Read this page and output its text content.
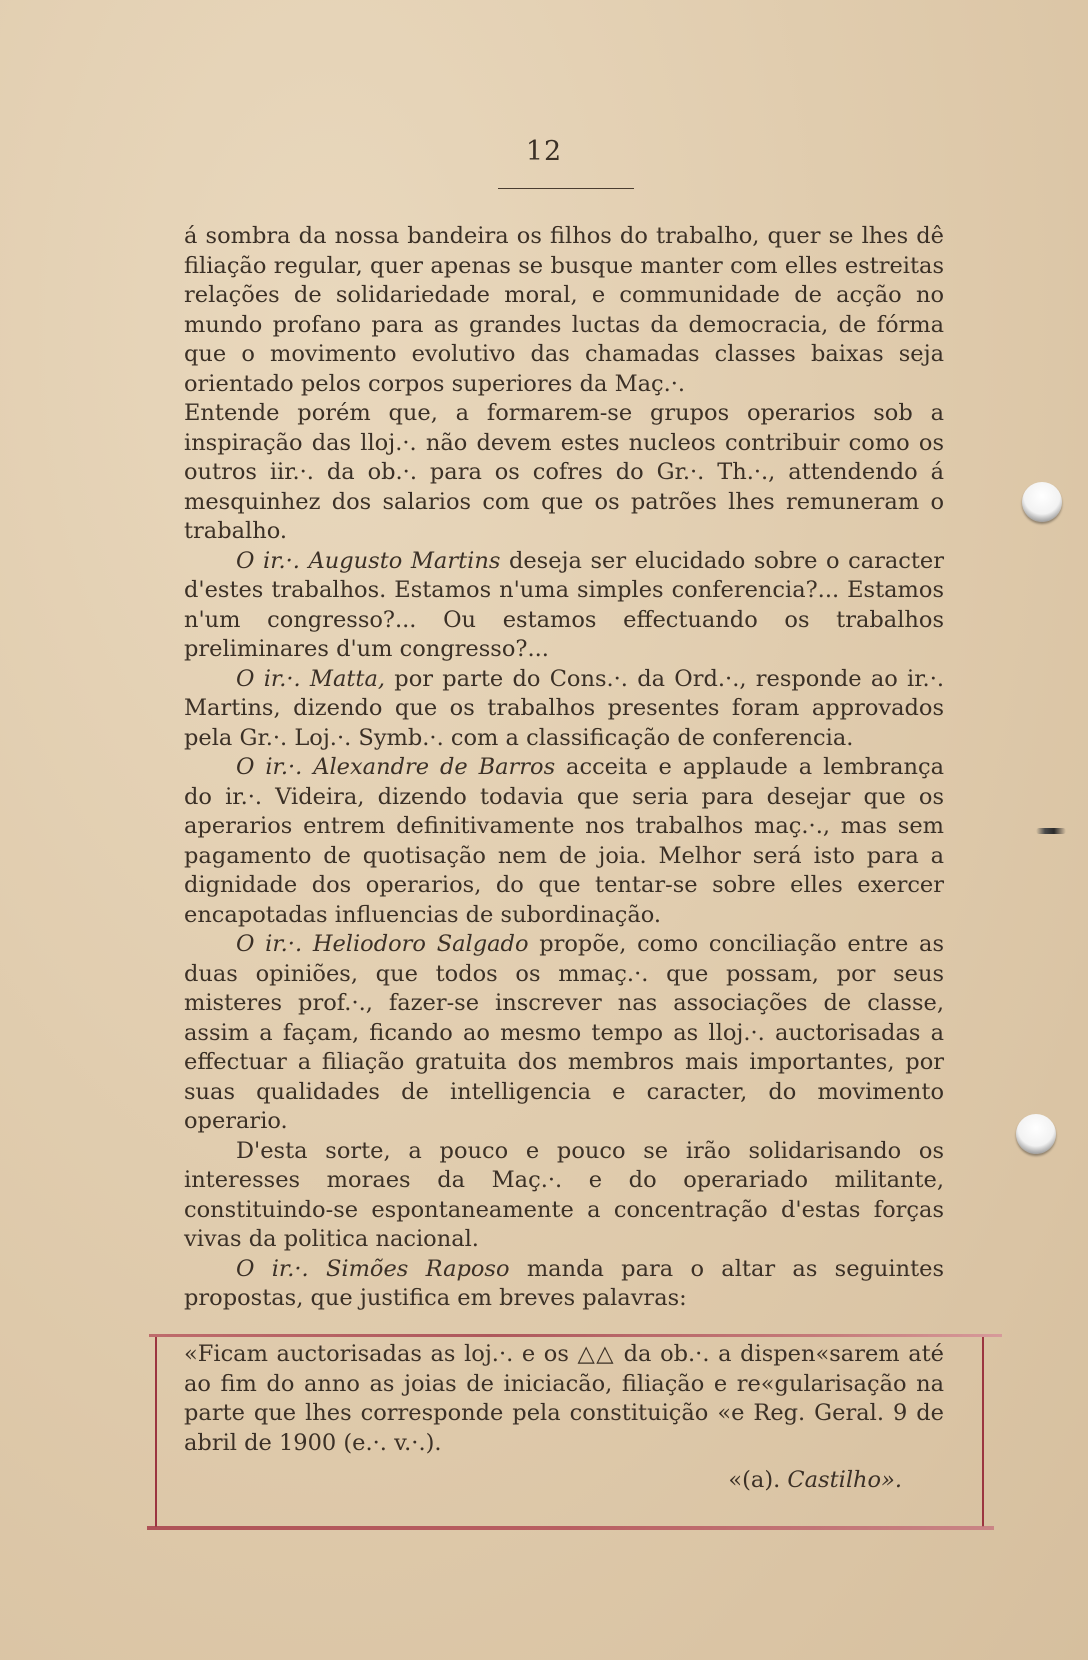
12

á sombra da nossa bandeira os filhos do trabalho, quer se lhes dê filiação regular, quer apenas se busque manter com elles estreitas relações de solidariedade moral, e communidade de acção no mundo profano para as grandes luctas da democracia, de fórma que o movimento evolutivo das chamadas classes baixas seja orientado pelos corpos superiores da Maç.·.

Entende porém que, a formarem-se grupos operarios sob a inspiração das lloj.·. não devem estes nucleos contribuir como os outros iir.·. da ob.·. para os cofres do Gr.·. Th.·., attendendo á mesquinhez dos salarios com que os patrões lhes remuneram o trabalho.

O ir.·. Augusto Martins deseja ser elucidado sobre o caracter d'estes trabalhos. Estamos n'uma simples conferencia?... Estamos n'um congresso?... Ou estamos effectuando os trabalhos preliminares d'um congresso?...

O ir.·. Matta, por parte do Cons.·. da Ord.·., responde ao ir.·. Martins, dizendo que os trabalhos presentes foram approvados pela Gr.·. Loj.·. Symb.·. com a classificação de conferencia.

O ir.·. Alexandre de Barros acceita e applaude a lembrança do ir.·. Videira, dizendo todavia que seria para desejar que os aperarios entrem definitivamente nos trabalhos maç.·., mas sem pagamento de quotisação nem de joia. Melhor será isto para a dignidade dos operarios, do que tentar-se sobre elles exercer encapotadas influencias de subordinação.

O ir.·. Heliodoro Salgado propõe, como conciliação entre as duas opiniões, que todos os mmaç.·. que possam, por seus misteres prof.·., fazer-se inscrever nas associações de classe, assim a façam, ficando ao mesmo tempo as lloj.·. auctorisadas a effectuar a filiação gratuita dos membros mais importantes, por suas qualidades de intelligencia e caracter, do movimento operario.

D'esta sorte, a pouco e pouco se irão solidarisando os interesses moraes da Maç.·. e do operariado militante, constituindo-se espontaneamente a concentração d'estas forças vivas da politica nacional.

O ir.·. Simões Raposo manda para o altar as seguintes propostas, que justifica em breves palavras:

«Ficam auctorisadas as loj.·. e os △△ da ob.·. a dispen«sarem até ao fim do anno as joias de iniciacão, filiação e re«gularisação na parte que lhes corresponde pela constituição «e Reg. Geral. 9 de abril de 1900 (e.·. v.·.).

«(a). Castilho».
